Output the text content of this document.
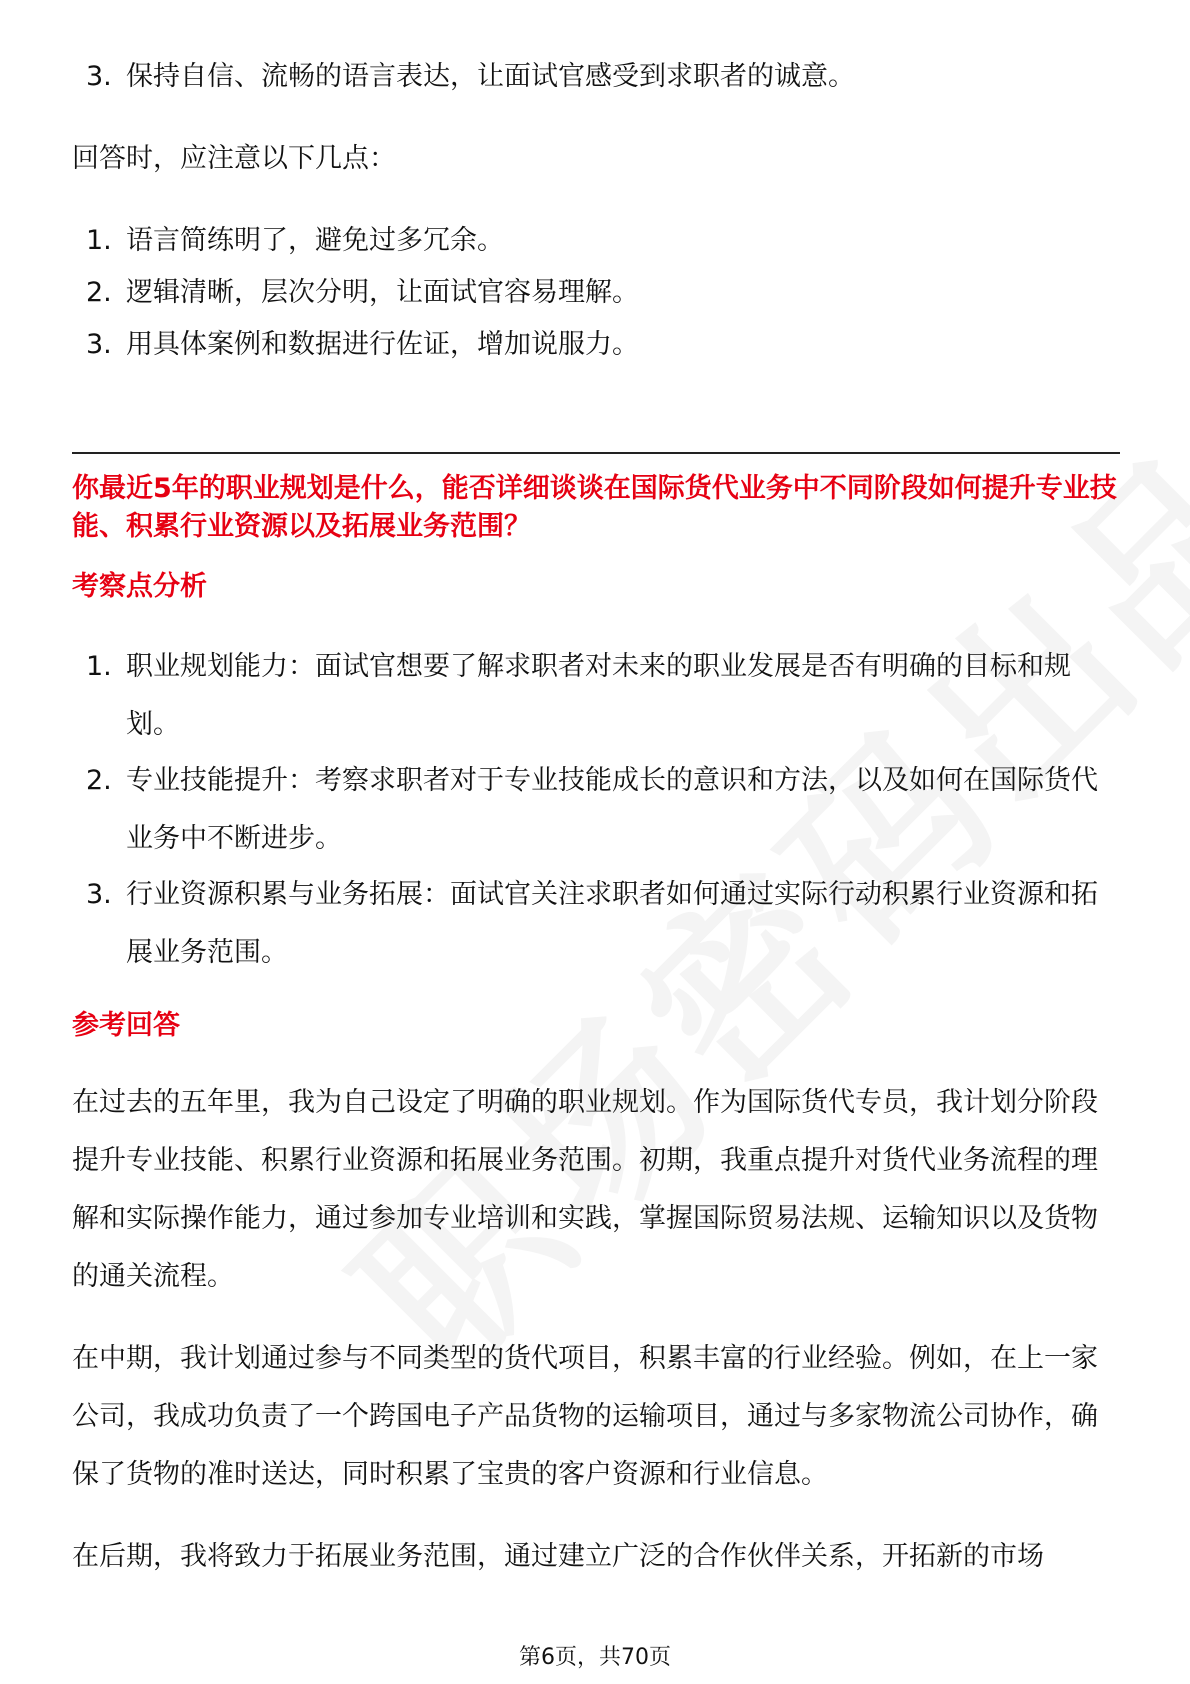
3. 保持自信、流畅的语言表达，让面试官感受到求职者的诚意。
回答时，应注意以下几点：
1. 语言简练明了，避免过多冗余。
2. 逻辑清晰，层次分明，让面试官容易理解。
3. 用具体案例和数据进行佐证，增加说服力。
你最近5年的职业规划是什么，能否详细谈谈在国际货代业务中不同阶段如何提升专业技能、积累行业资源以及拓展业务范围？
考察点分析
1. 职业规划能力：面试官想要了解求职者对未来的职业发展是否有明确的目标和规划。
2. 专业技能提升：考察求职者对于专业技能成长的意识和方法，以及如何在国际货代业务中不断进步。
3. 行业资源积累与业务拓展：面试官关注求职者如何通过实际行动积累行业资源和拓展业务范围。
参考回答
在过去的五年里，我为自己设定了明确的职业规划。作为国际货代专员，我计划分阶段提升专业技能、积累行业资源和拓展业务范围。初期，我重点提升对货代业务流程的理解和实际操作能力，通过参加专业培训和实践，掌握国际贸易法规、运输知识以及货物的通关流程。
在中期，我计划通过参与不同类型的货代项目，积累丰富的行业经验。例如，在上一家公司，我成功负责了一个跨国电子产品货物的运输项目，通过与多家物流公司协作，确保了货物的准时送达，同时积累了宝贵的客户资源和行业信息。
在后期，我将致力于拓展业务范围，通过建立广泛的合作伙伴关系，开拓新的市场
第6页，共70页
